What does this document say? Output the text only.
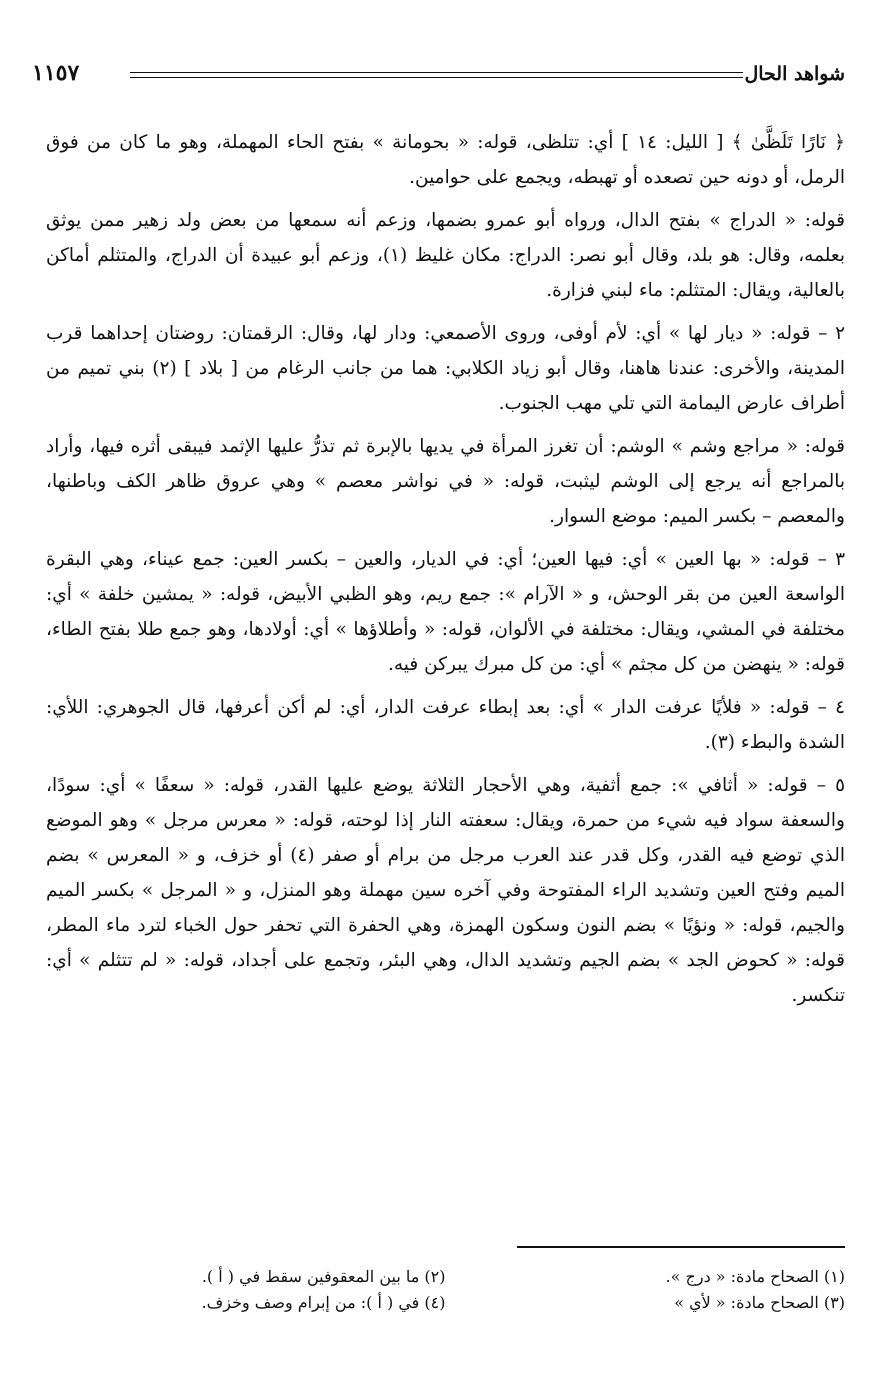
شواهد الحال
١١٥٧

﴿ نَارًا تَلَظَّىٰ ﴾ [ الليل: ١٤ ] أي: تتلظى، قوله: « بحومانة » بفتح الحاء المهملة، وهو ما كان من فوق الرمل، أو دونه حين تصعده أو تهبطه، ويجمع على حوامين.

قوله: « الدراج » بفتح الدال، ورواه أبو عمرو بضمها، وزعم أنه سمعها من بعض ولد زهير ممن يوثق بعلمه، وقال: هو بلد، وقال أبو نصر: الدراج: مكان غليظ (١)، وزعم أبو عبيدة أن الدراج، والمتثلم أماكن بالعالية، ويقال: المتثلم: ماء لبني فزارة.

٢ – قوله: « ديار لها » أي: لأم أوفى، وروى الأصمعي: ودار لها، وقال: الرقمتان: روضتان إحداهما قرب المدينة، والأخرى: عندنا هاهنا، وقال أبو زياد الكلابي: هما من جانب الرغام من [ بلاد ] (٢) بني تميم من أطراف عارض اليمامة التي تلي مهب الجنوب.

قوله: « مراجع وشم » الوشم: أن تغرز المرأة في يديها بالإبرة ثم تذرُّ عليها الإثمد فيبقى أثره فيها، وأراد بالمراجع أنه يرجع إلى الوشم ليثبت، قوله: « في نواشر معصم » وهي عروق ظاهر الكف وباطنها، والمعصم – بكسر الميم: موضع السوار.

٣ – قوله: « بها العين » أي: فيها العين؛ أي: في الديار، والعين – بكسر العين: جمع عيناء، وهي البقرة الواسعة العين من بقر الوحش، و « الآرام »: جمع ريم، وهو الظبي الأبيض، قوله: « يمشين خلفة » أي: مختلفة في المشي، ويقال: مختلفة في الألوان، قوله: « وأطلاؤها » أي: أولادها، وهو جمع طلا بفتح الطاء، قوله: « ينهضن من كل مجثم » أي: من كل مبرك يبركن فيه.

٤ – قوله: « فلأيًا عرفت الدار » أي: بعد إبطاء عرفت الدار، أي: لم أكن أعرفها، قال الجوهري: اللأي: الشدة والبطء (٣).

٥ – قوله: « أثافي »: جمع أثفية، وهي الأحجار الثلاثة يوضع عليها القدر، قوله: « سعفًا » أي: سودًا، والسعفة سواد فيه شيء من حمرة، ويقال: سعفته النار إذا لوحته، قوله: « معرس مرجل » وهو الموضع الذي توضع فيه القدر، وكل قدر عند العرب مرجل من برام أو صفر (٤) أو خزف، و « المعرس » بضم الميم وفتح العين وتشديد الراء المفتوحة وفي آخره سين مهملة وهو المنزل، و « المرجل » بكسر الميم والجيم، قوله: « ونؤيًا » بضم النون وسكون الهمزة، وهي الحفرة التي تحفر حول الخباء لترد ماء المطر، قوله: « كحوض الجد » بضم الجيم وتشديد الدال، وهي البئر، وتجمع على أجداد، قوله: « لم تتثلم » أي: تنكسر.

(١) الصحاح مادة: « درج ».
(٢) ما بين المعقوفين سقط في ( أ ).
(٣) الصحاح مادة: « لأي »
(٤) في ( أ ): من إبرام وصف وخزف.
